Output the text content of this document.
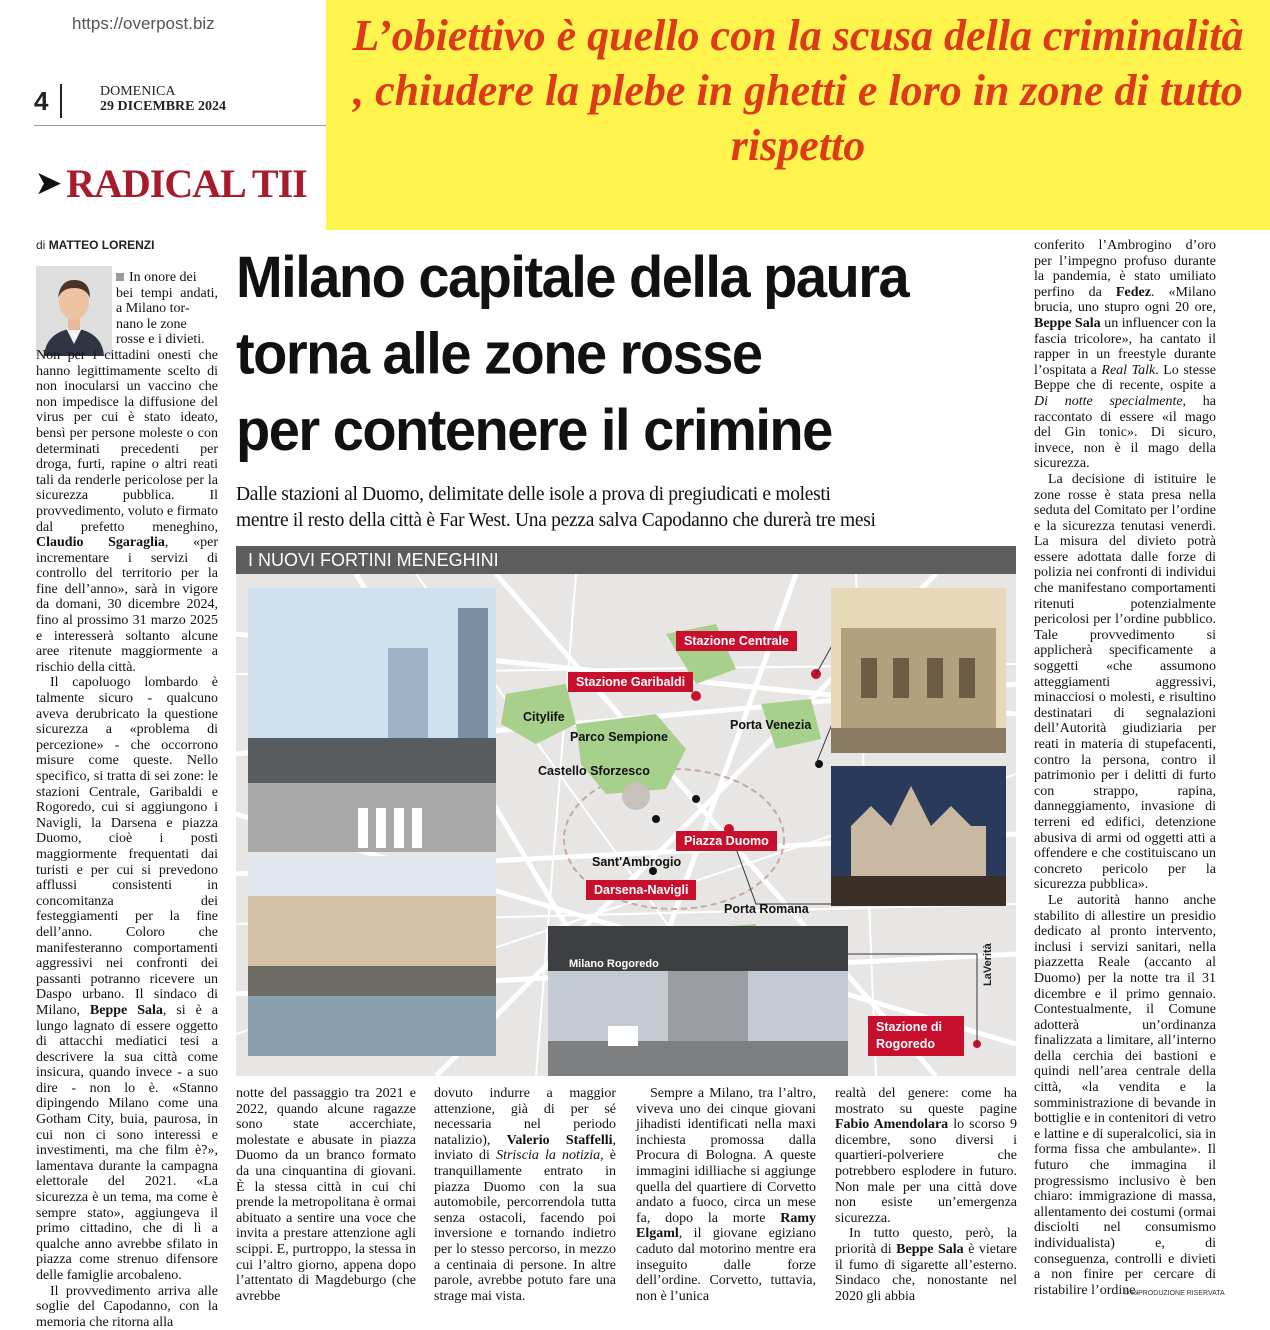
https://overpost.biz
4	DOMENICA
29 DICEMBRE 2024
➤ RADICAL TII

L’obiettivo è quello con la scusa della criminalità , chiudere la plebe in ghetti e loro in zone di tutto rispetto

di MATTEO LORENZI
In onore dei
bei tempi andati, a Milano tor-
nano le zone
rosse e i divieti.

Non per i cittadini onesti che hanno legittimamente scelto di non inocularsi un vaccino che non impedisce la diffusione del virus per cui è stato ideato, bensì per persone moleste o con determinati precedenti per droga, furti, rapine o altri reati tali da renderle pericolose per la sicurezza pubblica. Il provvedimento, voluto e firmato dal prefetto meneghino, Claudio Sgaraglia, «per incrementare i servizi di controllo del territorio per la fine dell’anno», sarà in vigore da domani, 30 dicembre 2024, fino al prossimo 31 marzo 2025 e interesserà soltanto alcune aree ritenute maggiormente a rischio della città.

Il capoluogo lombardo è talmente sicuro - qualcuno aveva derubricato la questione sicurezza a «problema di percezione» - che occorrono misure come queste. Nello specifico, si tratta di sei zone: le stazioni Centrale, Garibaldi e Rogoredo, cui si aggiungono i Navigli, la Darsena e piazza Duomo, cioè i posti maggiormente frequentati dai turisti e per cui si prevedono afflussi consistenti in concomitanza dei festeggiamenti per la fine dell’anno. Coloro che manifesteranno comportamenti aggressivi nei confronti dei passanti potranno ricevere un Daspo urbano. Il sindaco di Milano, Beppe Sala, si è a lungo lagnato di essere oggetto di attacchi mediatici tesi a descrivere la sua città come insicura, quando invece - a suo dire - non lo è. «Stanno dipingendo Milano come una Gotham City, buia, paurosa, in cui non ci sono interessi e investimenti, ma che film è?», lamentava durante la campagna elettorale del 2021. «La sicurezza è un tema, ma come è sempre stato», aggiungeva il primo cittadino, che di lì a qualche anno avrebbe sfilato in piazza come strenuo difensore delle famiglie arcobaleno.

Il provvedimento arriva alle soglie del Capodanno, con la memoria che ritorna alla

Milano capitale della paura
torna alle zone rosse
per contenere il crimine
Dalle stazioni al Duomo, delimitate delle isole a prova di pregiudicati e molesti
mentre il resto della città è Far West. Una pezza salva Capodanno che durerà tre mesi
I NUOVI FORTINI MENEGHINI
Milano Rogoredo
Stazione Centrale
Stazione Garibaldi
Piazza Duomo
Darsena-Navigli
Stazione di Rogoredo
Citylife
Parco Sempione
Castello Sforzesco
Porta Venezia
Sant'Ambrogio
Porta Romana
LaVerità

notte del passaggio tra 2021 e 2022, quando alcune ragazze sono state accerchiate, molestate e abusate in piazza Duomo da un branco formato da una cinquantina di giovani. È la stessa città in cui chi prende la metropolitana è ormai abituato a sentire una voce che invita a prestare attenzione agli scippi. E, purtroppo, la stessa in cui l’altro giorno, appena dopo l’attentato di Magdeburgo (che avrebbe

dovuto indurre a maggior attenzione, già di per sé necessaria nel periodo natalizio), Valerio Staffelli, inviato di Striscia la notizia, è tranquillamente entrato in piazza Duomo con la sua automobile, percorrendola tutta senza ostacoli, facendo poi inversione e tornando indietro per lo stesso percorso, in mezzo a centinaia di persone. In altre parole, avrebbe potuto fare una strage mai vista.

Sempre a Milano, tra l’altro, viveva uno dei cinque giovani jihadisti identificati nella maxi inchiesta promossa dalla Procura di Bologna. A queste immagini idilliache si aggiunge quella del quartiere di Corvetto andato a fuoco, circa un mese fa, dopo la morte Ramy Elgaml, il giovane egiziano caduto dal motorino mentre era inseguito dalle forze dell’ordine. Corvetto, tuttavia, non è l’unica

realtà del genere: come ha mostrato su queste pagine Fabio Amendolara lo scorso 9 dicembre, sono diversi i quartieri-polveriere che potrebbero esplodere in futuro. Non male per una città dove non esiste un’emergenza sicurezza.

In tutto questo, però, la priorità di Beppe Sala è vietare il fumo di sigarette all’esterno. Sindaco che, nonostante nel 2020 gli abbia

conferito l’Ambrogino d’oro per l’impegno profuso durante la pandemia, è stato umiliato perfino da Fedez. «Milano brucia, uno stupro ogni 20 ore, Beppe Sala un influencer con la fascia tricolore», ha cantato il rapper in un freestyle durante l’ospitata a Real Talk. Lo stesse Beppe che di recente, ospite a Di notte specialmente, ha raccontato di essere «il mago del Gin tonic». Di sicuro, invece, non è il mago della sicurezza.

La decisione di istituire le zone rosse è stata presa nella seduta del Comitato per l’ordine e la sicurezza tenutasi venerdì. La misura del divieto potrà essere adottata dalle forze di polizia nei confronti di individui che manifestano comportamenti ritenuti potenzialmente pericolosi per l’ordine pubblico. Tale provvedimento si applicherà specificamente a soggetti «che assumono atteggiamenti aggressivi, minacciosi o molesti, e risultino destinatari di segnalazioni dell’Autorità giudiziaria per reati in materia di stupefacenti, contro la persona, contro il patrimonio per i delitti di furto con strappo, rapina, danneggiamento, invasione di terreni ed edifici, detenzione abusiva di armi od oggetti atti a offendere e che costituiscano un concreto pericolo per la sicurezza pubblica».

Le autorità hanno anche stabilito di allestire un presidio dedicato al pronto intervento, inclusi i servizi sanitari, nella piazzetta Reale (accanto al Duomo) per la notte tra il 31 dicembre e il primo gennaio. Contestualmente, il Comune adotterà un’ordinanza finalizzata a limitare, all’interno della cerchia dei bastioni e quindi nell’area centrale della città, «la vendita e la somministrazione di bevande in bottiglie e in contenitori di vetro e lattine e di superalcolici, sia in forma fissa che ambulante». Il futuro che immagina il progressismo inclusivo è ben chiaro: immigrazione di massa, allentamento dei costumi (ormai disciolti nel consumismo individualista) e, di conseguenza, controlli e divieti a non finire per cercare di ristabilire l’ordine.

© RIPRODUZIONE RISERVATA
